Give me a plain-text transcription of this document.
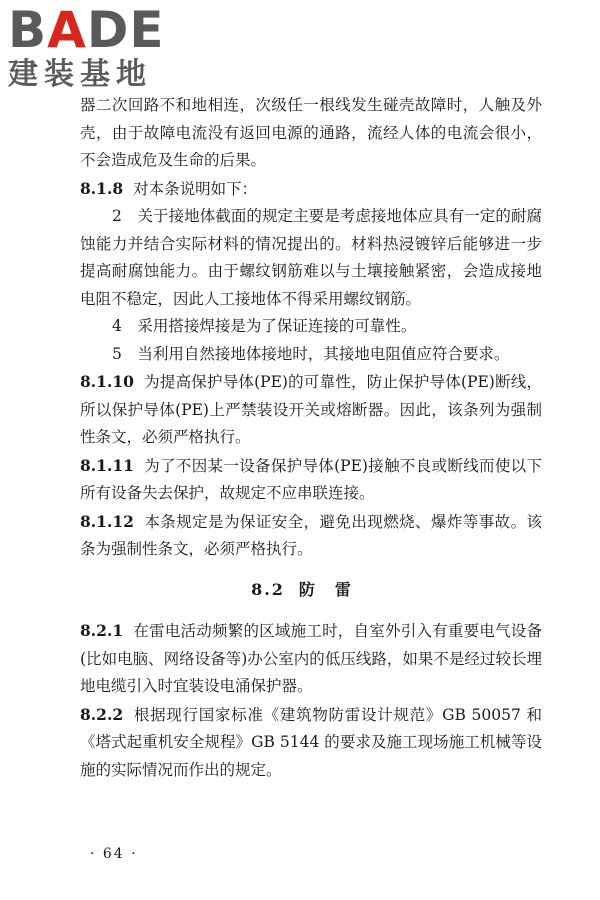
BADE
建装基地

器二次回路不和地相连，次级任一根线发生碰壳故障时，人触及外壳，由于故障电流没有返回电源的通路，流经人体的电流会很小，不会造成危及生命的后果。

8.1.8 对本条说明如下：

2　关于接地体截面的规定主要是考虑接地体应具有一定的耐腐蚀能力并结合实际材料的情况提出的。材料热浸镀锌后能够进一步提高耐腐蚀能力。由于螺纹钢筋难以与土壤接触紧密，会造成接地电阻不稳定，因此人工接地体不得采用螺纹钢筋。

4　采用搭接焊接是为了保证连接的可靠性。

5　当利用自然接地体接地时，其接地电阻值应符合要求。

8.1.10 为提高保护导体(PE)的可靠性，防止保护导体(PE)断线，所以保护导体(PE)上严禁装设开关或熔断器。因此，该条列为强制性条文，必须严格执行。

8.1.11 为了不因某一设备保护导体(PE)接触不良或断线而使以下所有设备失去保护，故规定不应串联连接。

8.1.12 本条规定是为保证安全，避免出现燃烧、爆炸等事故。该条为强制性条文，必须严格执行。

8.2 防雷

8.2.1 在雷电活动频繁的区域施工时，自室外引入有重要电气设备(比如电脑、网络设备等)办公室内的低压线路，如果不是经过较长埋地电缆引入时宜装设电涌保护器。

8.2.2 根据现行国家标准《建筑物防雷设计规范》GB 50057 和《塔式起重机安全规程》GB 5144 的要求及施工现场施工机械等设施的实际情况而作出的规定。

· 64 ·
